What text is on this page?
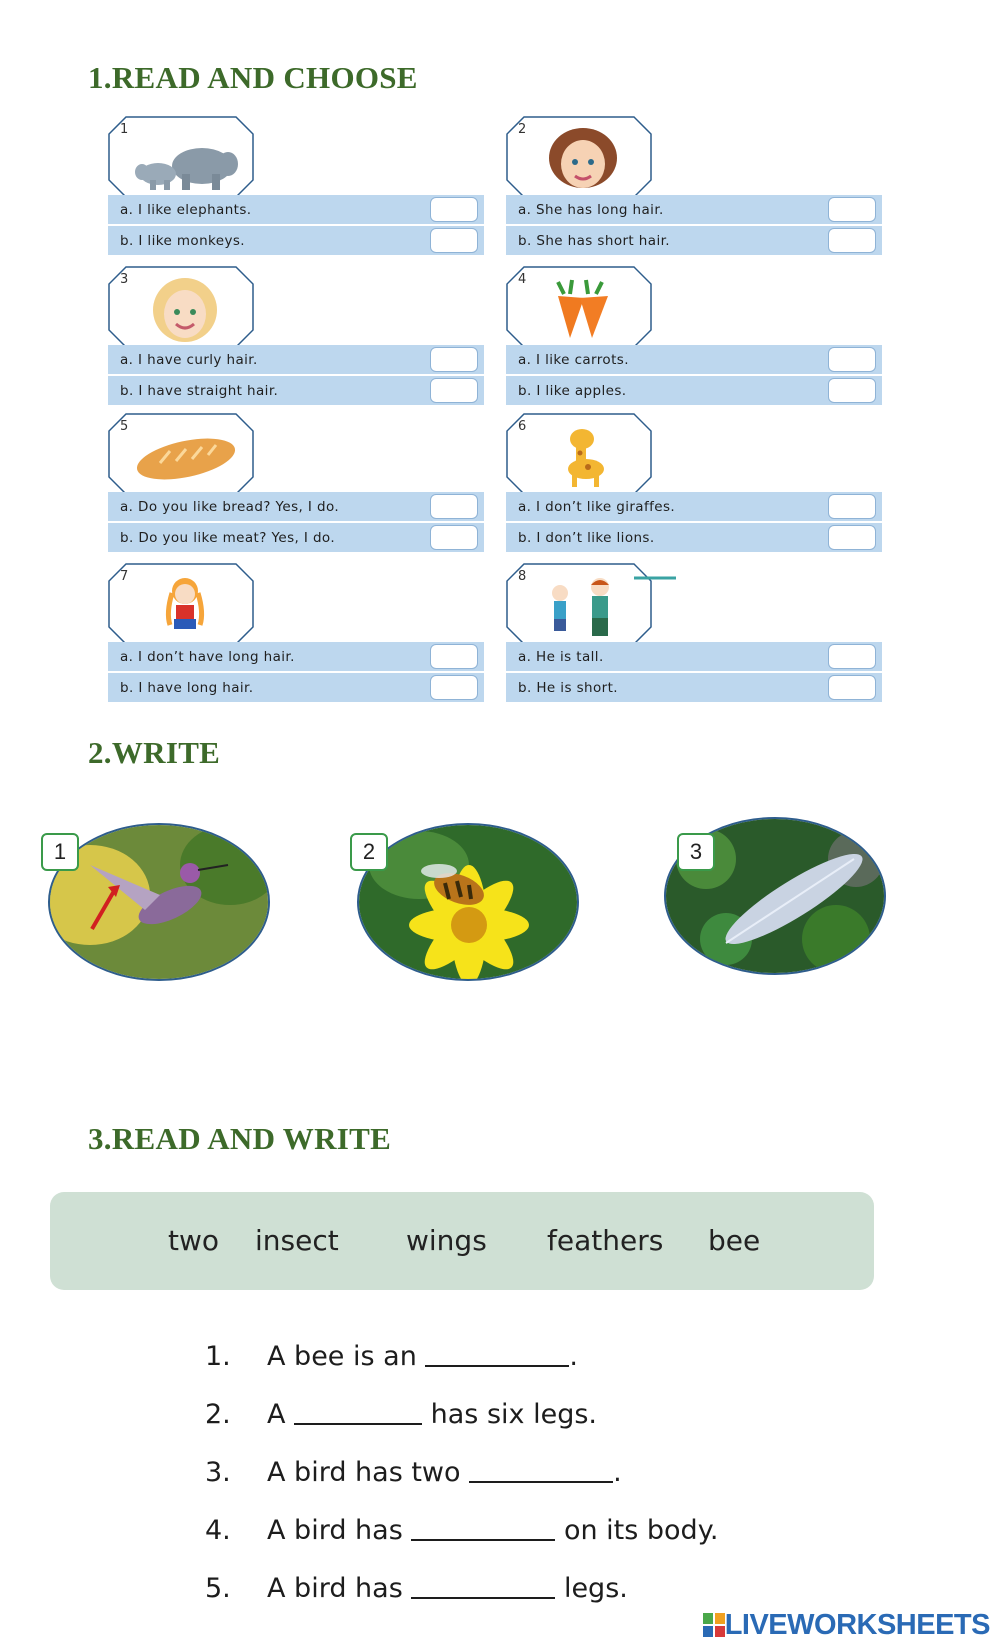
1.READ AND CHOOSE
1
a. I like elephants.
b. I like monkeys.
2
a. She has long hair.
b. She has short hair.
3
a. I have curly hair.
b. I have straight hair.
4
a. I like carrots.
b. I like apples.
5
a. Do you like bread? Yes, I do.
b. Do you like meat? Yes, I do.
6
a. I don’t like giraffes.
b. I don’t like lions.
7
a. I don’t have long hair.
b. I have long hair.
8
a. He is tall.
b. He is short.
2.WRITE
1	2	3
3.READ AND WRITE
two insect wings feathers bee
1. A bee is an	.
2. A	has six legs.
3. A bird has two	.
4. A bird has	on its body.
5. A bird has	legs.
LIVEWORKSHEETS
